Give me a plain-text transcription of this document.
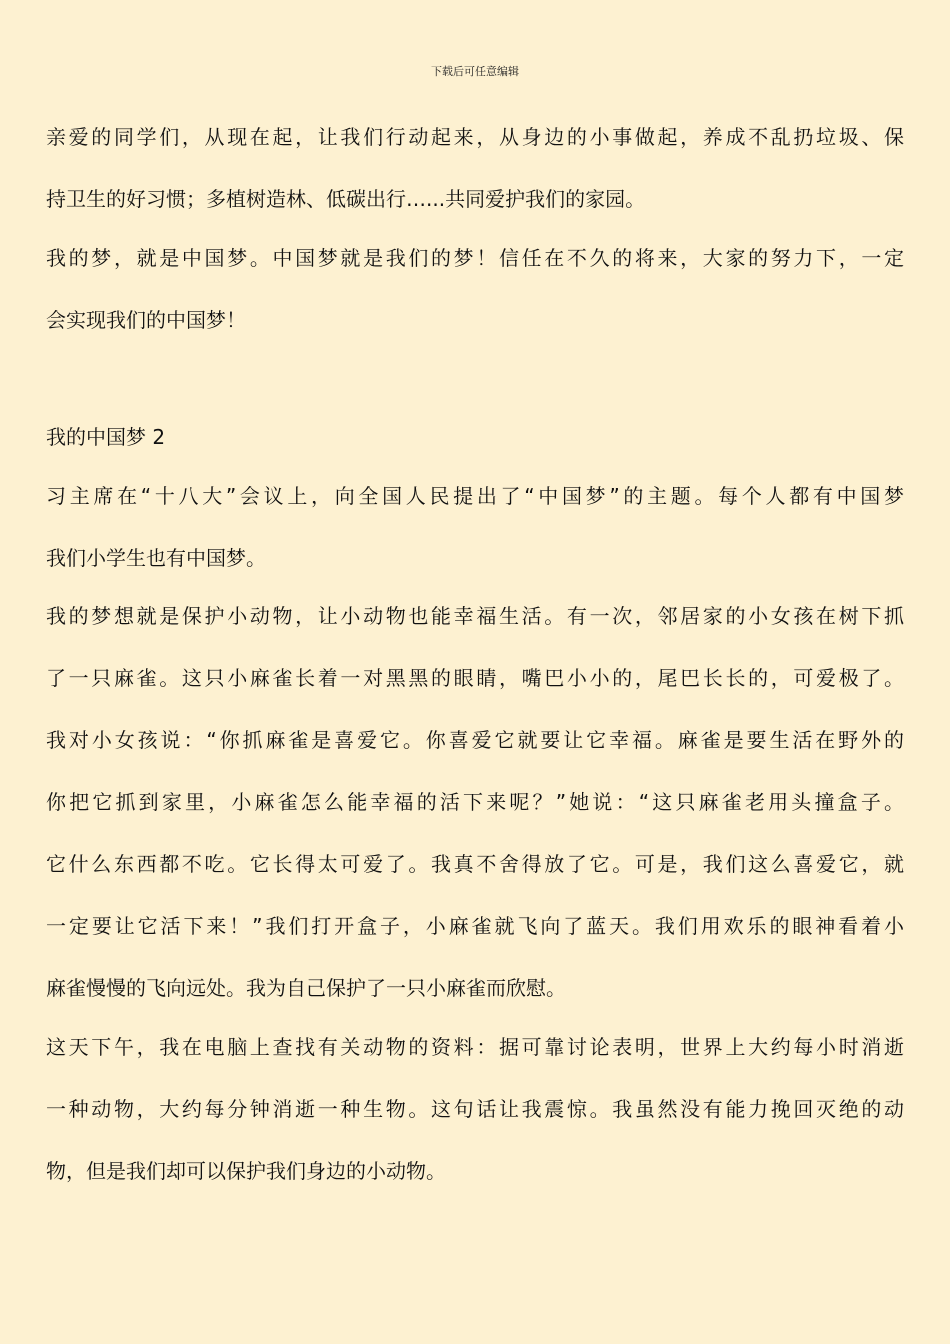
下载后可任意编辑
亲爱的同学们，从现在起，让我们行动起来，从身边的小事做起，养成不乱扔垃圾、保
持卫生的好习惯；多植树造林、低碳出行…...共同爱护我们的家园。
我的梦，就是中国梦。中国梦就是我们的梦！信任在不久的将来，大家的努力下，一定
会实现我们的中国梦！
我的中国梦 2
习主席在“十八大”会议上，向全国人民提出了“中国梦”的主题。每个人都有中国梦
我们小学生也有中国梦。
我的梦想就是保护小动物，让小动物也能幸福生活。有一次，邻居家的小女孩在树下抓
了一只麻雀。这只小麻雀长着一对黑黑的眼睛，嘴巴小小的，尾巴长长的，可爱极了。
我对小女孩说：“你抓麻雀是喜爱它。你喜爱它就要让它幸福。麻雀是要生活在野外的
你把它抓到家里，小麻雀怎么能幸福的活下来呢？”她说：“这只麻雀老用头撞盒子。
它什么东西都不吃。它长得太可爱了。我真不舍得放了它。可是，我们这么喜爱它，就
一定要让它活下来！”我们打开盒子，小麻雀就飞向了蓝天。我们用欢乐的眼神看着小
麻雀慢慢的飞向远处。我为自己保护了一只小麻雀而欣慰。
这天下午，我在电脑上查找有关动物的资料：据可靠讨论表明，世界上大约每小时消逝
一种动物，大约每分钟消逝一种生物。这句话让我震惊。我虽然没有能力挽回灭绝的动
物，但是我们却可以保护我们身边的小动物。
